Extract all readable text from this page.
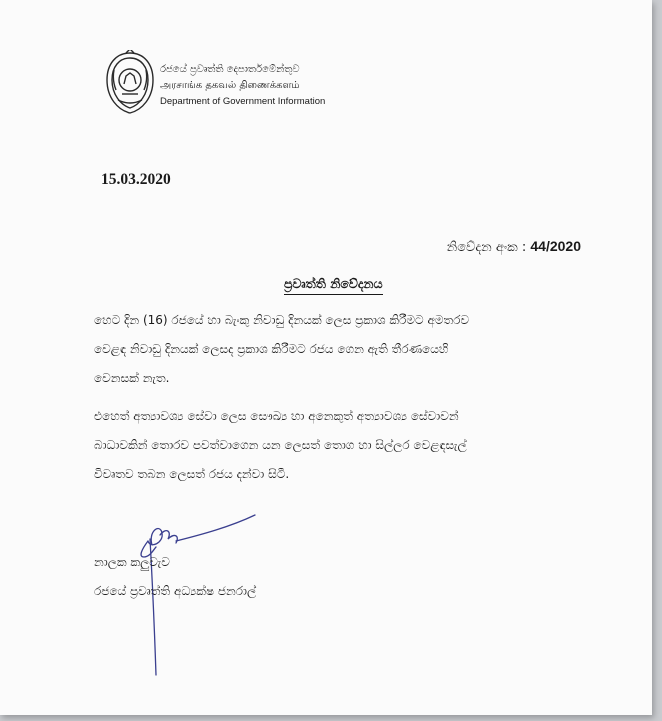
රජයේ ප්‍රවෘත්ති දෙපාර්තමේන්තුව
அரசாங்க தகவல் திணைக்களம்
Department of Government Information
15.03.2020
නිවේදන අංක : 44/2020
ප්‍රවෘත්ති නිවේදනය
හෙට දින (16) රජයේ හා බැංකු නිවාඩු දිනයක් ලෙස ප්‍රකාශ කිරීමට අමතරව
වෙළඳ නිවාඩු දිනයක් ලෙසද ප්‍රකාශ කිරීමට රජය ගෙන ඇති තීරණයෙහි
වෙනසක් නැත.
එහෙත් අත්‍යාවශ්‍ය සේවා ලෙස සෞඛ්‍ය හා අනෙකුත් අත්‍යාවශ්‍ය සේවාවන්
බාධාවකින් තොරව පවත්වාගෙන යන ලෙසත් තොග හා සිල්ලර වෙළඳසැල්
විවෘතව තබන ලෙසත් රජය දන්වා සිටී.
නාලක කලුවැව
රජයේ ප්‍රවෘත්ති අධ්‍යක්ෂ ජනරාල්
